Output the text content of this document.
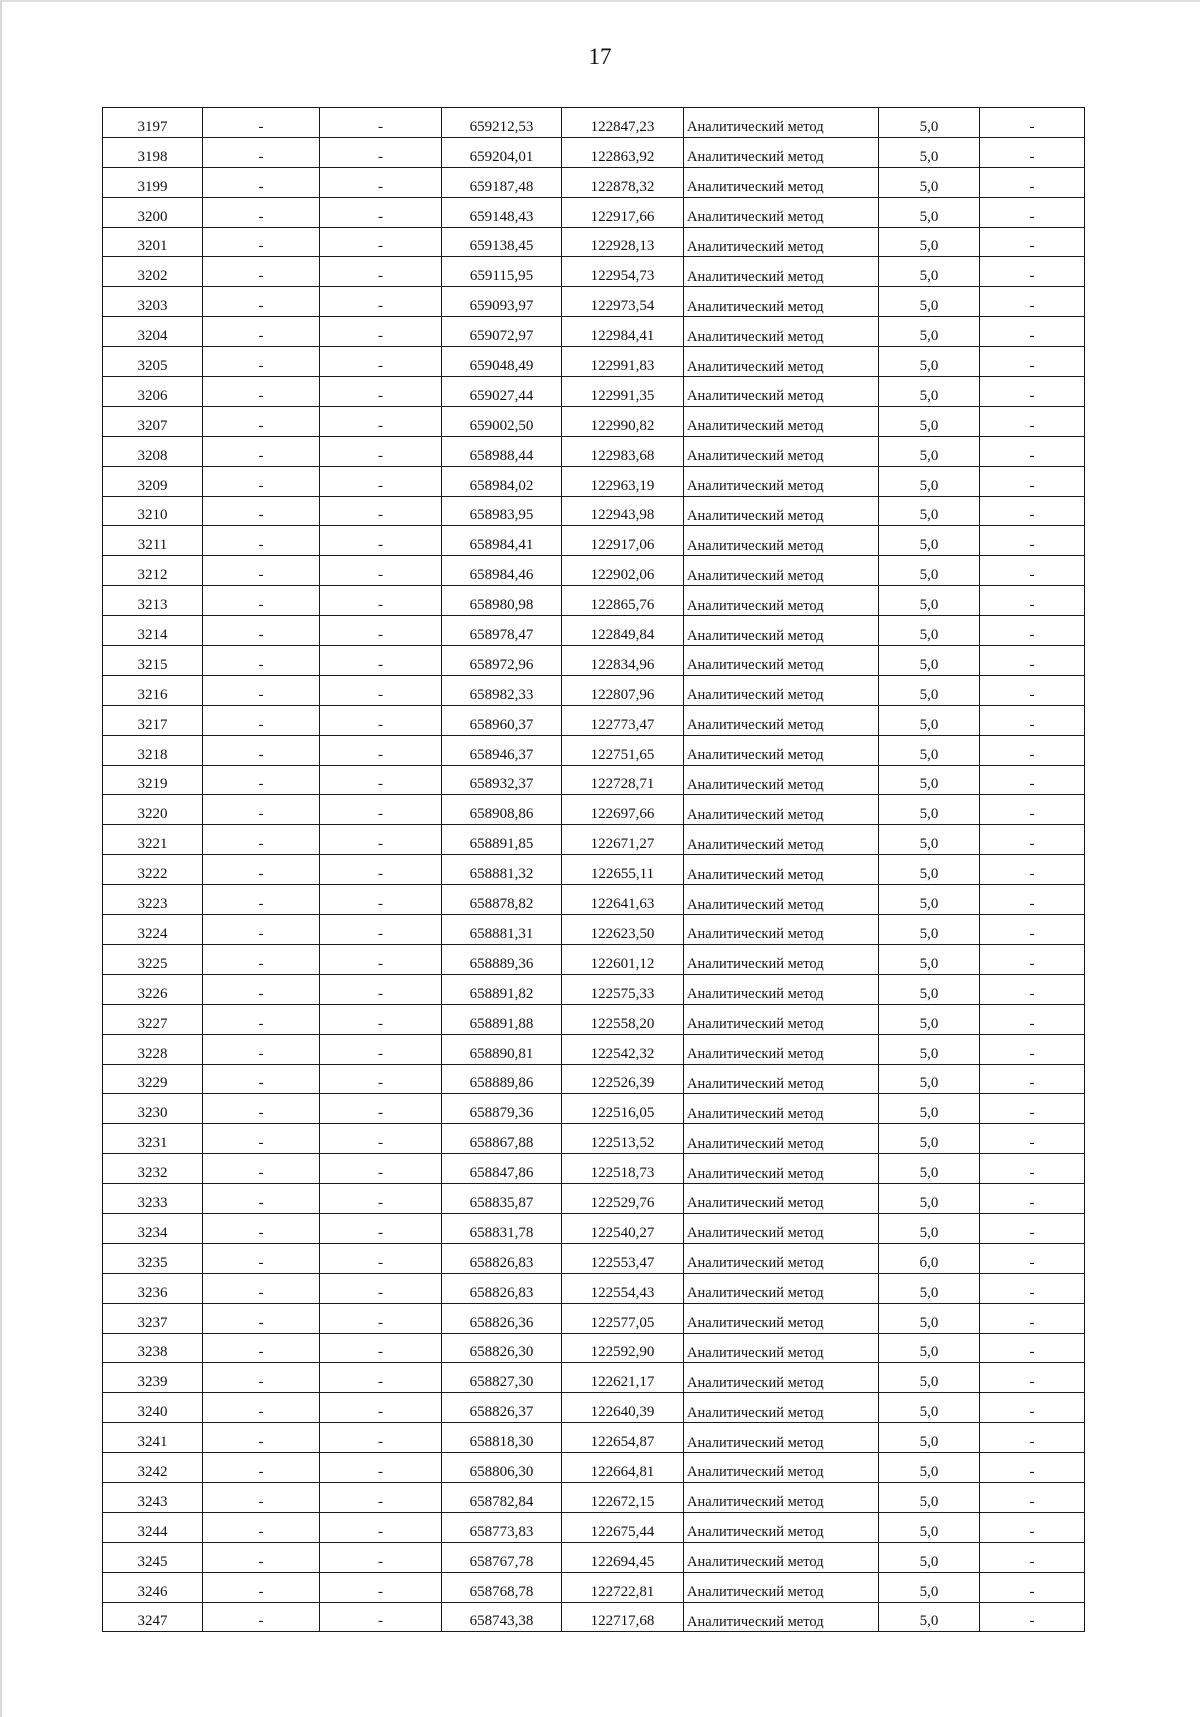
17
3197	-	-	659212,53	122847,23	Аналитический метод	5,0	-
3198	-	-	659204,01	122863,92	Аналитический метод	5,0	-
3199	-	-	659187,48	122878,32	Аналитический метод	5,0	-
3200	-	-	659148,43	122917,66	Аналитический метод	5,0	-
3201	-	-	659138,45	122928,13	Аналитический метод	5,0	-
3202	-	-	659115,95	122954,73	Аналитический метод	5,0	-
3203	-	-	659093,97	122973,54	Аналитический метод	5,0	-
3204	-	-	659072,97	122984,41	Аналитический метод	5,0	-
3205	-	-	659048,49	122991,83	Аналитический метод	5,0	-
3206	-	-	659027,44	122991,35	Аналитический метод	5,0	-
3207	-	-	659002,50	122990,82	Аналитический метод	5,0	-
3208	-	-	658988,44	122983,68	Аналитический метод	5,0	-
3209	-	-	658984,02	122963,19	Аналитический метод	5,0	-
3210	-	-	658983,95	122943,98	Аналитический метод	5,0	-
3211	-	-	658984,41	122917,06	Аналитический метод	5,0	-
3212	-	-	658984,46	122902,06	Аналитический метод	5,0	-
3213	-	-	658980,98	122865,76	Аналитический метод	5,0	-
3214	-	-	658978,47	122849,84	Аналитический метод	5,0	-
3215	-	-	658972,96	122834,96	Аналитический метод	5,0	-
3216	-	-	658982,33	122807,96	Аналитический метод	5,0	-
3217	-	-	658960,37	122773,47	Аналитический метод	5,0	-
3218	-	-	658946,37	122751,65	Аналитический метод	5,0	-
3219	-	-	658932,37	122728,71	Аналитический метод	5,0	-
3220	-	-	658908,86	122697,66	Аналитический метод	5,0	-
3221	-	-	658891,85	122671,27	Аналитический метод	5,0	-
3222	-	-	658881,32	122655,11	Аналитический метод	5,0	-
3223	-	-	658878,82	122641,63	Аналитический метод	5,0	-
3224	-	-	658881,31	122623,50	Аналитический метод	5,0	-
3225	-	-	658889,36	122601,12	Аналитический метод	5,0	-
3226	-	-	658891,82	122575,33	Аналитический метод	5,0	-
3227	-	-	658891,88	122558,20	Аналитический метод	5,0	-
3228	-	-	658890,81	122542,32	Аналитический метод	5,0	-
3229	-	-	658889,86	122526,39	Аналитический метод	5,0	-
3230	-	-	658879,36	122516,05	Аналитический метод	5,0	-
3231	-	-	658867,88	122513,52	Аналитический метод	5,0	-
3232	-	-	658847,86	122518,73	Аналитический метод	5,0	-
3233	-	-	658835,87	122529,76	Аналитический метод	5,0	-
3234	-	-	658831,78	122540,27	Аналитический метод	5,0	-
3235	-	-	658826,83	122553,47	Аналитический метод	б,0	-
3236	-	-	658826,83	122554,43	Аналитический метод	5,0	-
3237	-	-	658826,36	122577,05	Аналитический метод	5,0	-
3238	-	-	658826,30	122592,90	Аналитический метод	5,0	-
3239	-	-	658827,30	122621,17	Аналитический метод	5,0	-
3240	-	-	658826,37	122640,39	Аналитический метод	5,0	-
3241	-	-	658818,30	122654,87	Аналитический метод	5,0	-
3242	-	-	658806,30	122664,81	Аналитический метод	5,0	-
3243	-	-	658782,84	122672,15	Аналитический метод	5,0	-
3244	-	-	658773,83	122675,44	Аналитический метод	5,0	-
3245	-	-	658767,78	122694,45	Аналитический метод	5,0	-
3246	-	-	658768,78	122722,81	Аналитический метод	5,0	-
3247	-	-	658743,38	122717,68	Аналитический метод	5,0	-
